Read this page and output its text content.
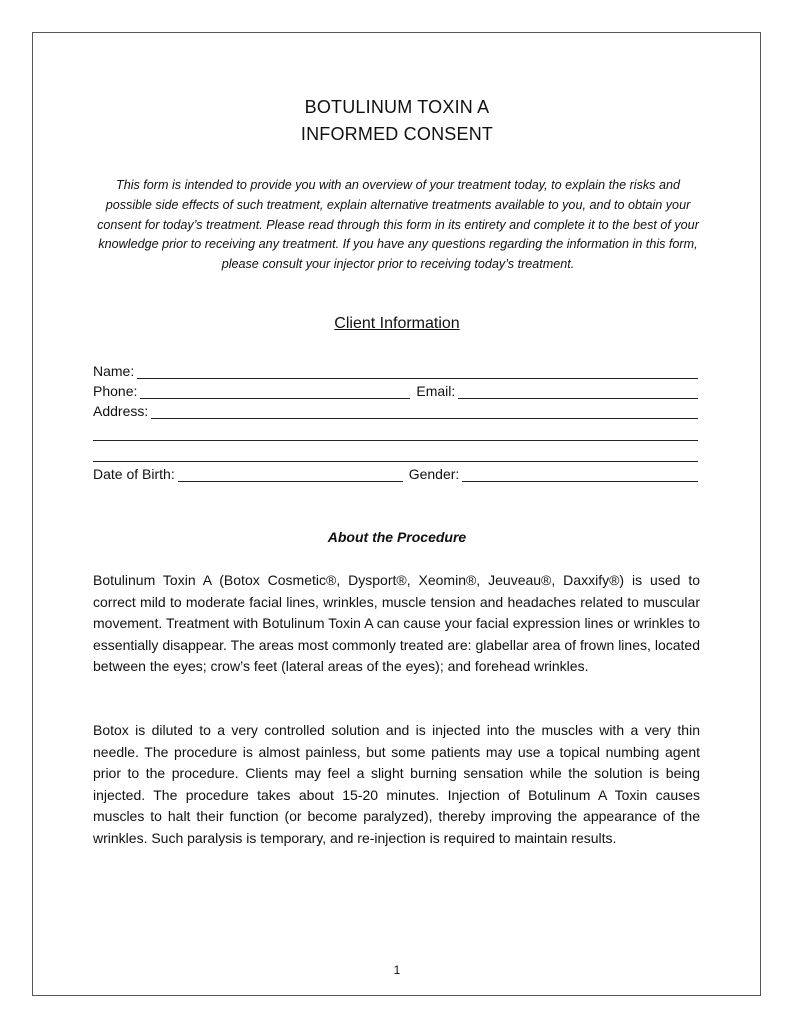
BOTULINUM TOXIN A
INFORMED CONSENT
This form is intended to provide you with an overview of your treatment today, to explain the risks and possible side effects of such treatment, explain alternative treatments available to you, and to obtain your consent for today’s treatment. Please read through this form in its entirety and complete it to the best of your knowledge prior to receiving any treatment. If you have any questions regarding the information in this form, please consult your injector prior to receiving today’s treatment.
Client Information
Name:
Phone:	Email:
Address:
Date of Birth:	Gender:
About the Procedure
Botulinum Toxin A (Botox Cosmetic®, Dysport®, Xeomin®, Jeuveau®, Daxxify®) is used to correct mild to moderate facial lines, wrinkles, muscle tension and headaches related to muscular movement. Treatment with Botulinum Toxin A can cause your facial expression lines or wrinkles to essentially disappear. The areas most commonly treated are: glabellar area of frown lines, located between the eyes; crow’s feet (lateral areas of the eyes); and forehead wrinkles.
Botox is diluted to a very controlled solution and is injected into the muscles with a very thin needle. The procedure is almost painless, but some patients may use a topical numbing agent prior to the procedure. Clients may feel a slight burning sensation while the solution is being injected. The procedure takes about 15-20 minutes. Injection of Botulinum A Toxin causes muscles to halt their function (or become paralyzed), thereby improving the appearance of the wrinkles. Such paralysis is temporary, and re-injection is required to maintain results.
1
